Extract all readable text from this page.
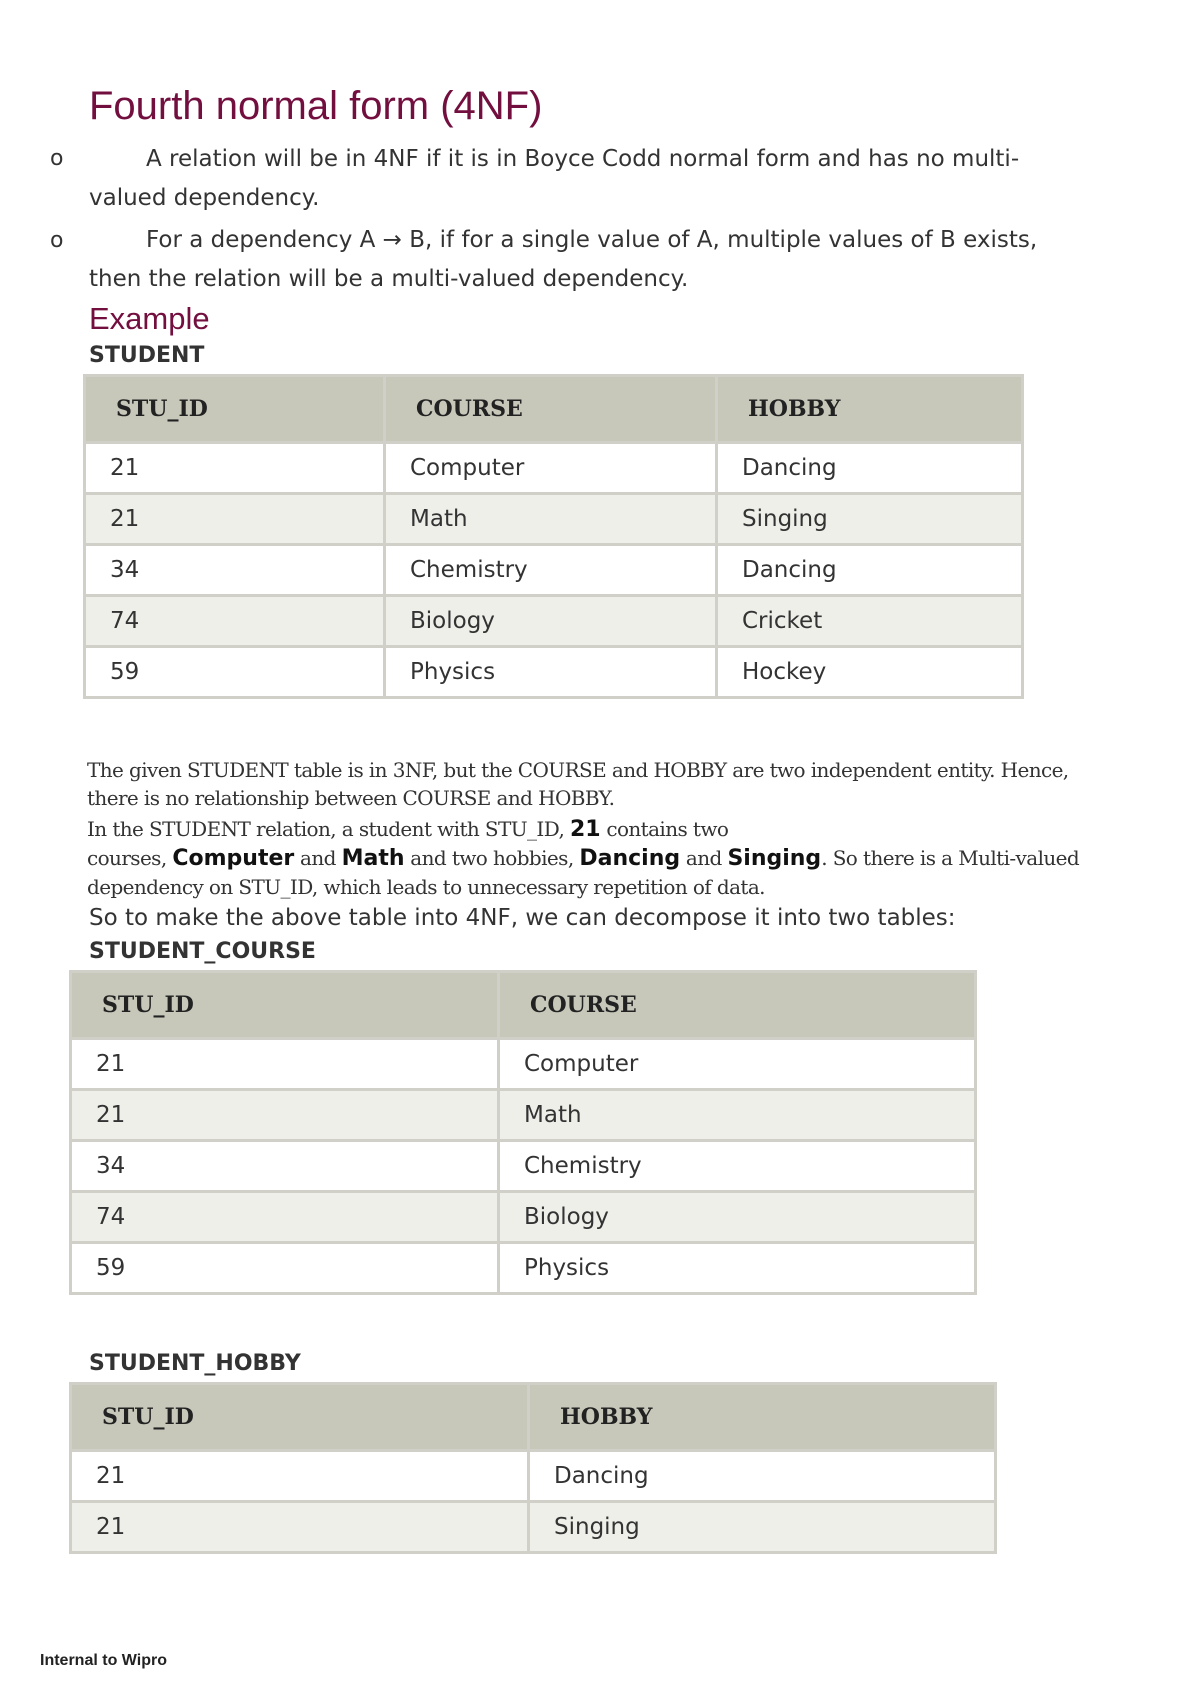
Fourth normal form (4NF)
o	A relation will be in 4NF if it is in Boyce Codd normal form and has no multi-
valued dependency.
o	For a dependency A → B, if for a single value of A, multiple values of B exists,
then the relation will be a multi-valued dependency.
Example
STUDENT
STU_ID	COURSE	HOBBY
21	Computer	Dancing
21	Math	Singing
34	Chemistry	Dancing
74	Biology	Cricket
59	Physics	Hockey

The given STUDENT table is in 3NF, but the COURSE and HOBBY are two independent entity. Hence, there is no relationship between COURSE and HOBBY.

In the STUDENT relation, a student with STU_ID, 21 contains two
courses, Computer and Math and two hobbies, Dancing and Singing. So there is a Multi-valued dependency on STU_ID, which leads to unnecessary repetition of data.

So to make the above table into 4NF, we can decompose it into two tables:
STUDENT_COURSE
STU_ID	COURSE
21	Computer
21	Math
34	Chemistry
74	Biology
59	Physics
STUDENT_HOBBY
STU_ID	HOBBY
21	Dancing
21	Singing
Internal to Wipro
